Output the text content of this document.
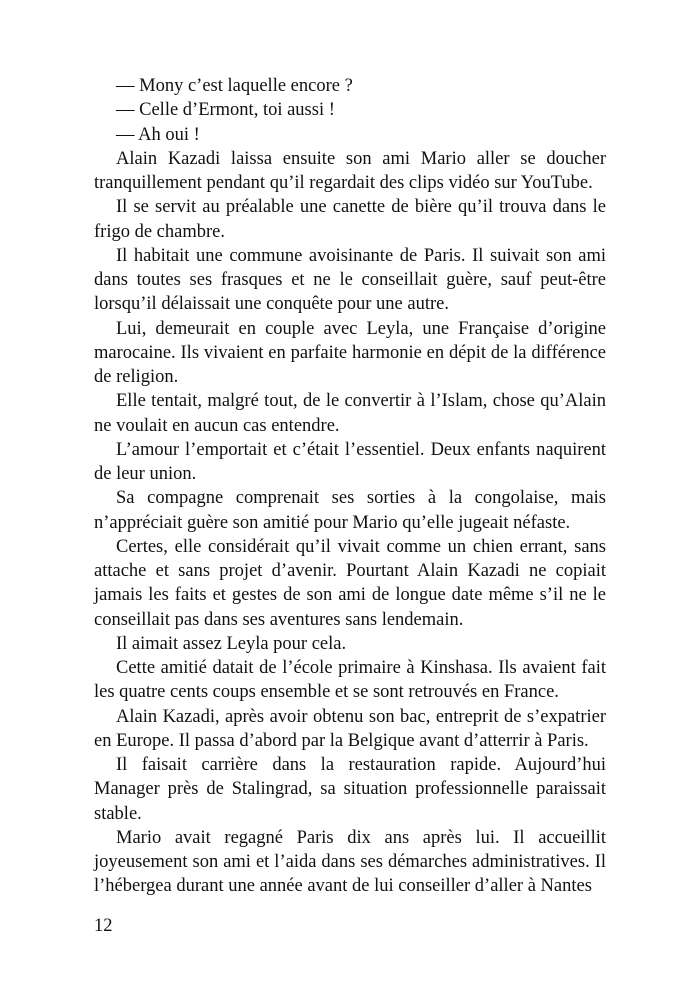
— Mony c’est laquelle encore ?

— Celle d’Ermont, toi aussi !

— Ah oui !

Alain Kazadi laissa ensuite son ami Mario aller se doucher tranquillement pendant qu’il regardait des clips vidéo sur YouTube.

Il se servit au préalable une canette de bière qu’il trouva dans le frigo de chambre.

Il habitait une commune avoisinante de Paris. Il suivait son ami dans toutes ses frasques et ne le conseillait guère, sauf peut-être lorsqu’il délaissait une conquête pour une autre.

Lui, demeurait en couple avec Leyla, une Française d’origine marocaine. Ils vivaient en parfaite harmonie en dépit de la différence de religion.

Elle tentait, malgré tout, de le convertir à l’Islam, chose qu’Alain ne voulait en aucun cas entendre.

L’amour l’emportait et c’était l’essentiel. Deux enfants naquirent de leur union.

Sa compagne comprenait ses sorties à la congolaise, mais n’appréciait guère son amitié pour Mario qu’elle jugeait néfaste.

Certes, elle considérait qu’il vivait comme un chien errant, sans attache et sans projet d’avenir. Pourtant Alain Kazadi ne copiait jamais les faits et gestes de son ami de longue date même s’il ne le conseillait pas dans ses aventures sans lendemain.

Il aimait assez Leyla pour cela.

Cette amitié datait de l’école primaire à Kinshasa. Ils avaient fait les quatre cents coups ensemble et se sont retrouvés en France.

Alain Kazadi, après avoir obtenu son bac, entreprit de s’expatrier en Europe. Il passa d’abord par la Belgique avant d’atterrir à Paris.

Il faisait carrière dans la restauration rapide. Aujourd’hui Manager près de Stalingrad, sa situation professionnelle paraissait stable.

Mario avait regagné Paris dix ans après lui. Il accueillit joyeusement son ami et l’aida dans ses démarches administratives. Il l’hébergea durant une année avant de lui conseiller d’aller à Nantes

12
